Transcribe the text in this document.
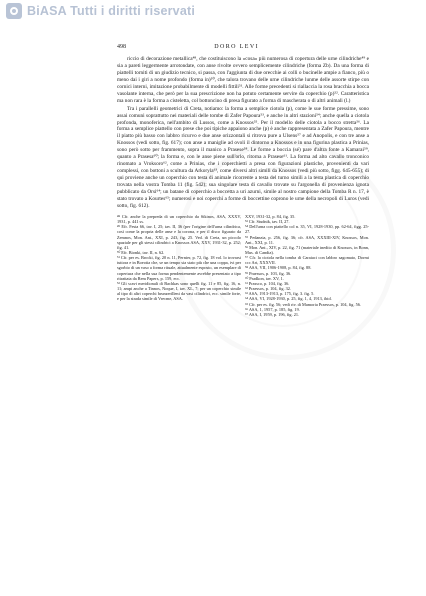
BiASA Tutti i diritti riservati
498	DORO LEVI

riccio di decorazione metallica⁴⁸, che costituiscono la «cosa» più numerosa di copertura delle urne cilindriche⁴⁹ e sia a pareti leggermente arrotondate, con anse rivolte ovvero semplicemente cilindriche (forma Zb). Da una forma di piattelli torniti di un giudizio tecnico, si passa, con l'aggiunta di due orecchie ai colli o bucinelle ampie a fianco, più o meno dai i giri a nome profondo (forma in)⁵⁰, che talora trovano delle urne cilindriche lunme delle assorte stirpe con cornici interni, imitazione probabilmente di modelli fittili⁵¹. Alle forme precedenti si riallaccia la rosa bracchia a bocca vasolante interna, che però per la sua prescrizione non ha potuto certamente servire da coperchio (p)⁵². Caratteristica ma non rara è la forma a cisteletta, col bottoncino di presa figurato a forma di mascherata o di altri animali (l.)

Tra i parallelli geometrici di Creta, notiamo: la forma a semplice ciotola (p), come le sue forme pressime, sono assai comuni soprattutto nei materiali delle tombe di Zafer Papoura⁵³, e anche in altri stazioni⁵⁴; anche quella a ciotola profonda, monoferica, nell'ambito di Lussos, come a Knossos⁵⁵. Per il modello delle ciotola a bocco stretta⁵⁶. La forma a semplice piattello con prese che poi tipiche appaiono anche (p) è anche rappresentata a Zafer Papoura, mentre il piatto più basso con labbro ricurvo e due anse orizzontali si ritrova pure a Ulsens⁵⁷ e ad Anopolis, e con tre anse a Knossos (vedi sotto, fig. 617); con anse a maniglie ad ovoli il dintorno a Knossos e in una figurina plastica a Prinias, sono però sotto per frammento, sopra il manico a Prasese⁵⁸. Le forme a boccia (sé) pare d'altra fonte a Kamarai⁵⁹, quanto a Prasesa⁶⁰; la forma e, con le anse piene sull'orlo, ritorna a Prasese⁶¹. La forma ad alto cavallo tronconico rinomato a Vroksoro⁶², come a Prinias, che i coperchietti a presa con figurazioni plastiche, provenienti da vari complessi, con bottoni a scultura da Arkoryla⁶³, come diversi altri simili da Knossos (vedi più sotto, figg. 645-655); di qui proviene anche un coperchio con testa di animale ricorrente a testa del turno simili a la testa plastica di coperchio trovata nella vostra Tomba 11 (fig. 542); sua singolare testa di cavallo trovate su l'argonella di provenienza ignota pubblicato da Orsi⁶⁴; un batane di coperchio a boccetta a uri azurni, simile al nostro campione della Tomba R n. 17, è stato trovato a Kourtes⁶⁵; numerosi e noi coperchi a forme di boccettine coprono le urne della necropoli di Luros (vedi sotto, fig. 612).

⁴⁸ Cfr. anche la prepreda di un coperchio da Sikinos, ASA, XXXV, 1931, p. 441 ss.

⁴⁹ Efr. Festa 66, tav. I, 25; tav. II, 36 (per l'origine dell'urna cilindrica, così come la propria delle anse e la corona, e per il disco figurato da Zemnos, Mon. Ant., XXI, p. 243, fig. 25. Ved. di Creta, un piccolo spaziale per gli stessi cilindrici a Knossos ASA, XXV, 1931-32, p. 252; fig. 41.

⁵⁰ Efr. Bionki, tav. II, n. 62.

⁵¹ Cfr. per es. Brocki, fig. 20 n. 11, Pernier, p. 72, fig. 18 vol. lo trovarsi tuttora e in Boeotia che, se un tempo sia stato più che una coppa, ivi per sgorbio di un vaso a forma rituale, attualmente esposto, un esemplare di copertura che nella sua forma pendentemente avrebbe presentato a tipo ritrattata da Rem Papers, p. 159, ecc.

⁵² Gli scavi meridionali di Bachkas sono quelli fig. 11 e 85, fig. 16, n. 11; ampi anche a Tinnos, Noque, I, tav. XL, 7; per un coperchio simile al tipo di altri coperchi brunzerilleni da vasi cilindrici, ecc. simile forte, e per la strada simile di Vrecme, ASA.

XXV, 1931-32, p. 84, fig. 35.

⁵³ Cfr. Studnik, tav. II, 27.

⁵⁴ Dell'urna con piattello col n. 35, VI, 1928-1930, pp. 62-64, figg. 25-27.

⁵⁵ Pedanzia, p. 256, fig. 36; cfr. ASA, XXXIII-XIV, Knossos, Mon. Ant., XXI, p. 11.

⁵⁶ Mon. Ant., XIV, p. 22, fig. 71 (materiale inedito di Knossos, in Bonn, Mus. di Candia).

⁵⁷ Cfr. la ciotola nella tomba di Caraiaci con labbro sagomato, Dormi ccc Art, XXXVII.

⁵⁸ ASA, VII, 1906-1908, p. 84, fig. 88.

⁵⁹ Praessos, p. 103, fig. 36.

⁶⁰ Pradkon, tav. XV, 1.

⁶¹ Prassco, p. 104, fig. 36.

⁶² Praessos, p. 104, fig. 32.

⁶³ ASA, 1913-1913, p. 175, fig. 3. fig. 5.

⁶⁴ ASA, VI, 1928-1930, p. 25, fig. 1, 4, 1913, ibid.

⁶⁵ Cfr. per es. fig. 56; vedi riv. di Mamoria Praessos, p. 104, fig. 56.

⁶⁶ ASA, 1, 1957, p. 185, fig. 19.

⁶⁷ ASA, I, 1959, p. 196, fig. 21.
